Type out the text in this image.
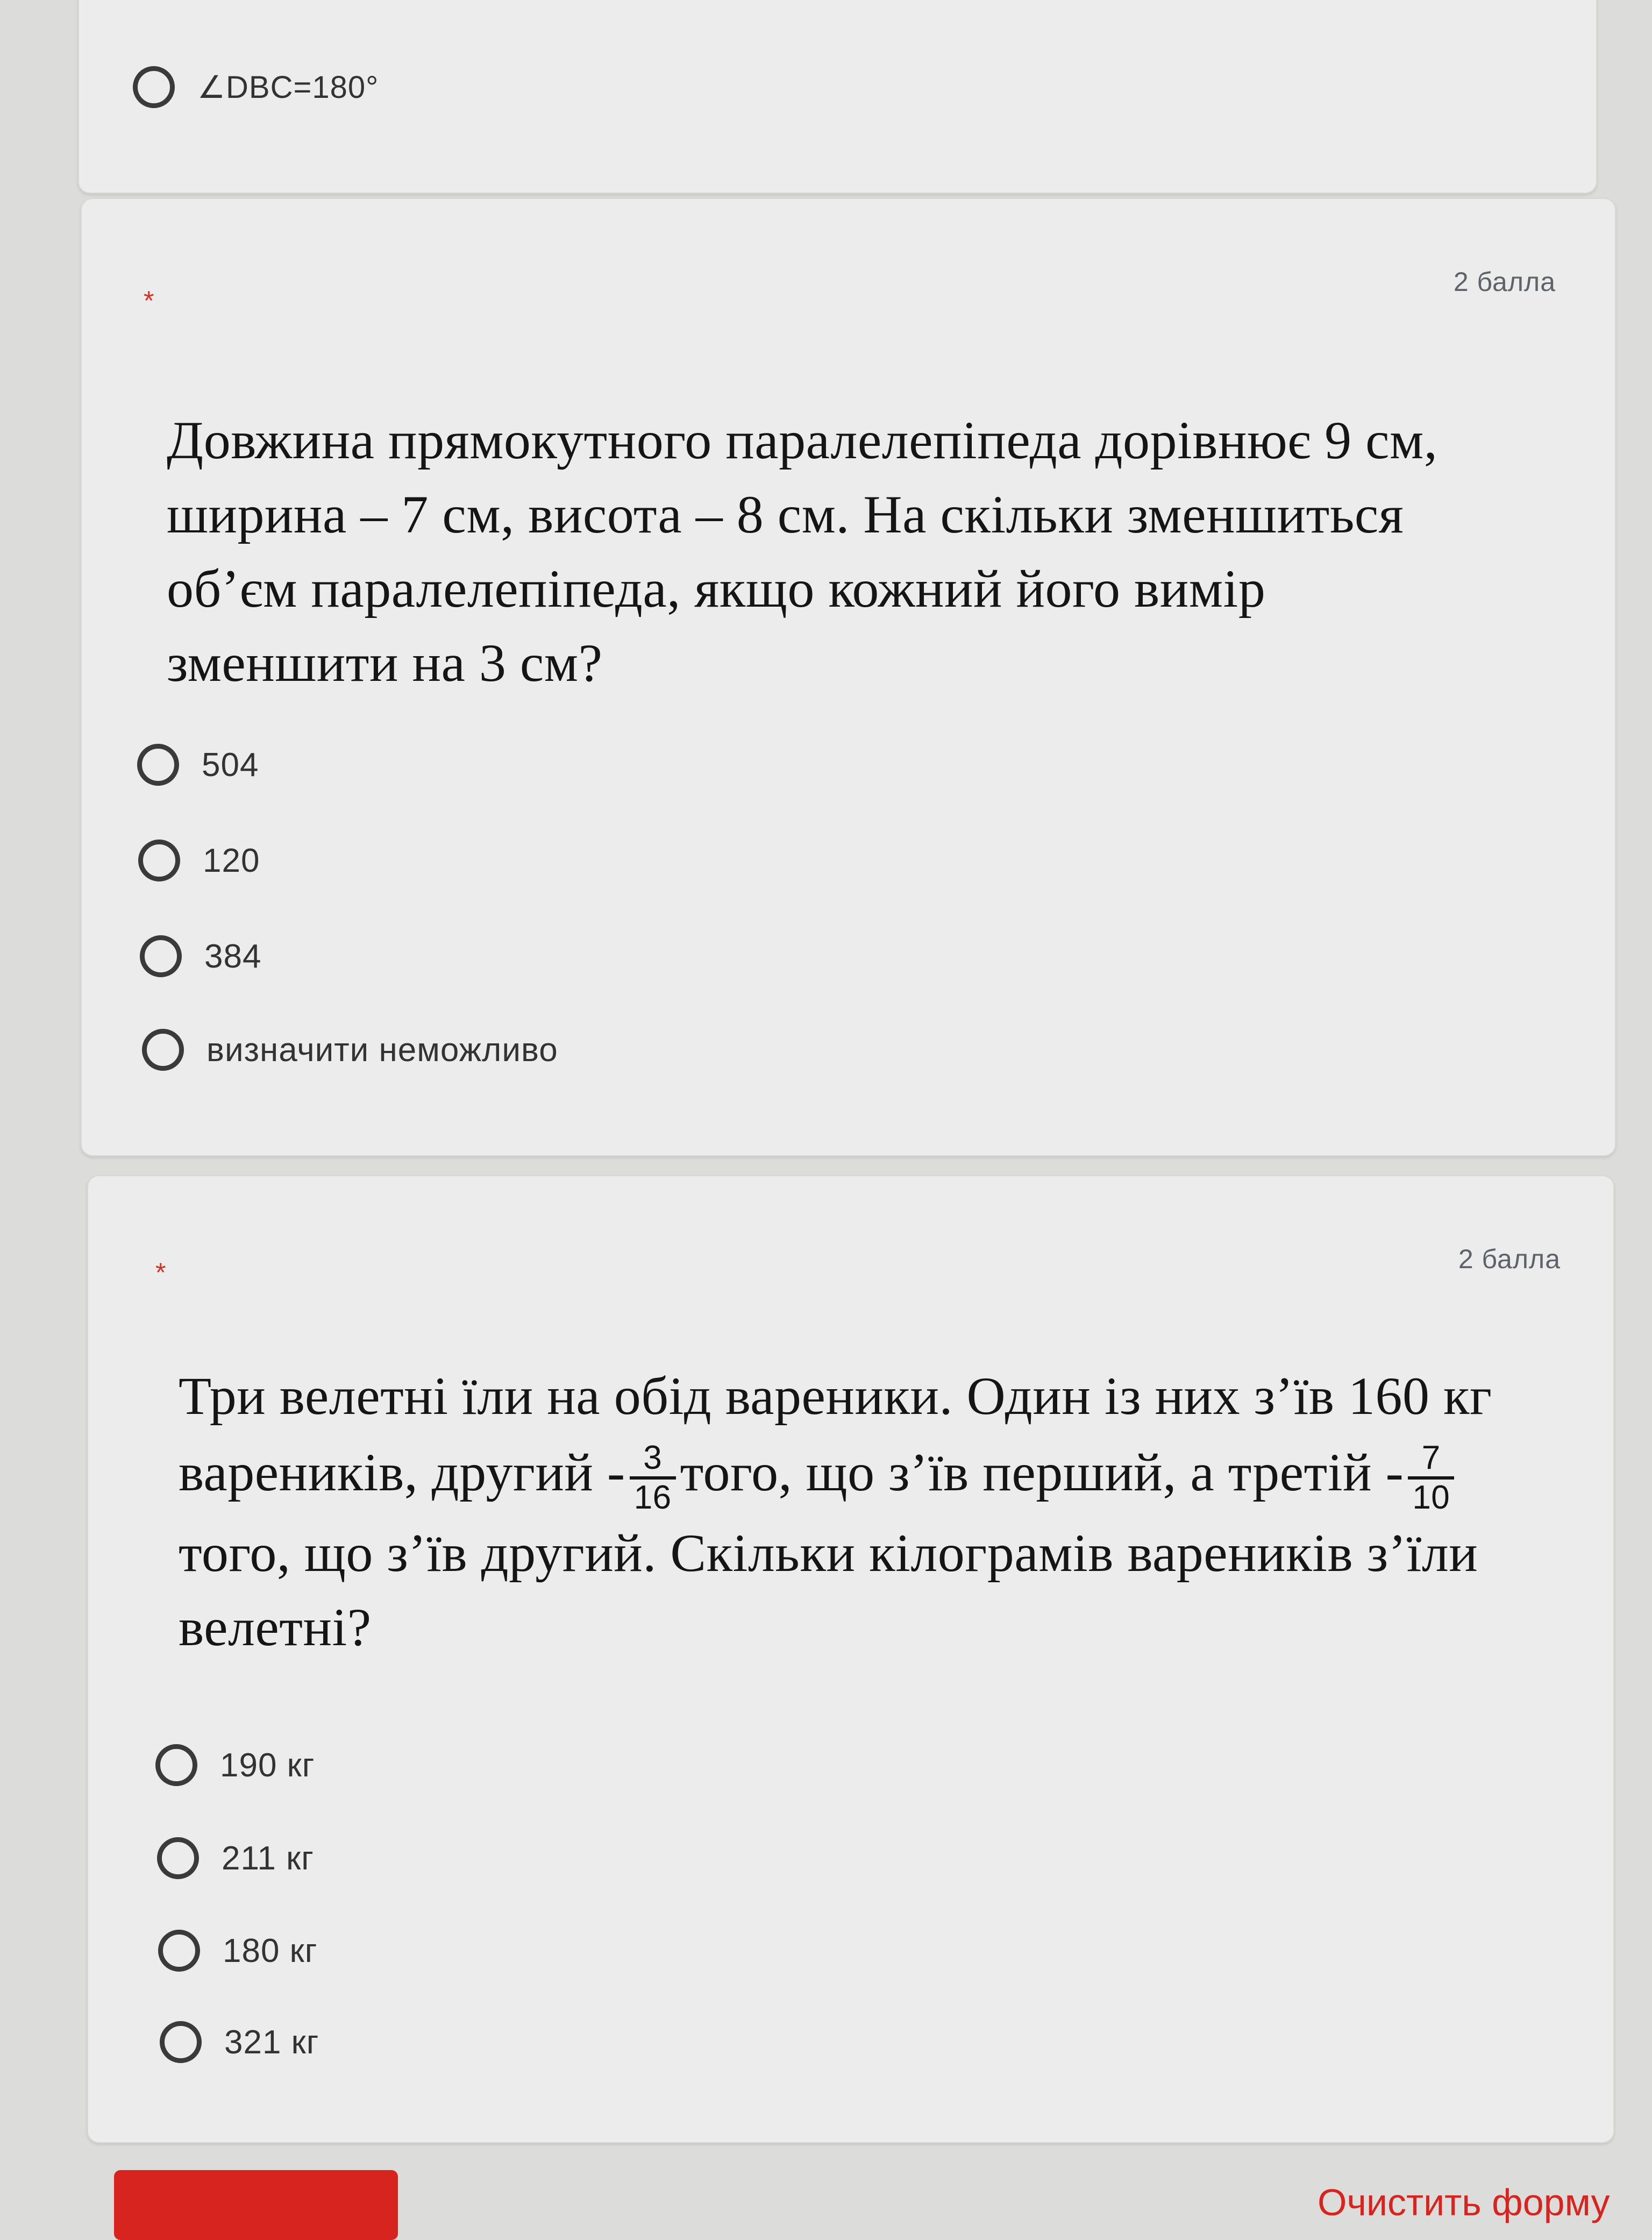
∠DBC=180°
*
2 балла
Довжина прямокутного паралелепіпеда дорівнює 9 см,
ширина – 7 см, висота – 8 см. На скільки зменшиться
об’єм паралелепіпеда, якщо кожний його вимір
зменшити на 3 см?
504
120
384
визначити неможливо
*	2 балла
Три велетні їли на обід вареники. Один із них з’їв 160 кг
вареників, другий - $\frac{3}{16}$ того, що з’їв перший, а третій - $\frac{7}{10}$
того, що з’їв другий. Скільки кілограмів вареників з’їли
велетні?
190 кг
211 кг
180 кг
321 кг
Очистить форму
